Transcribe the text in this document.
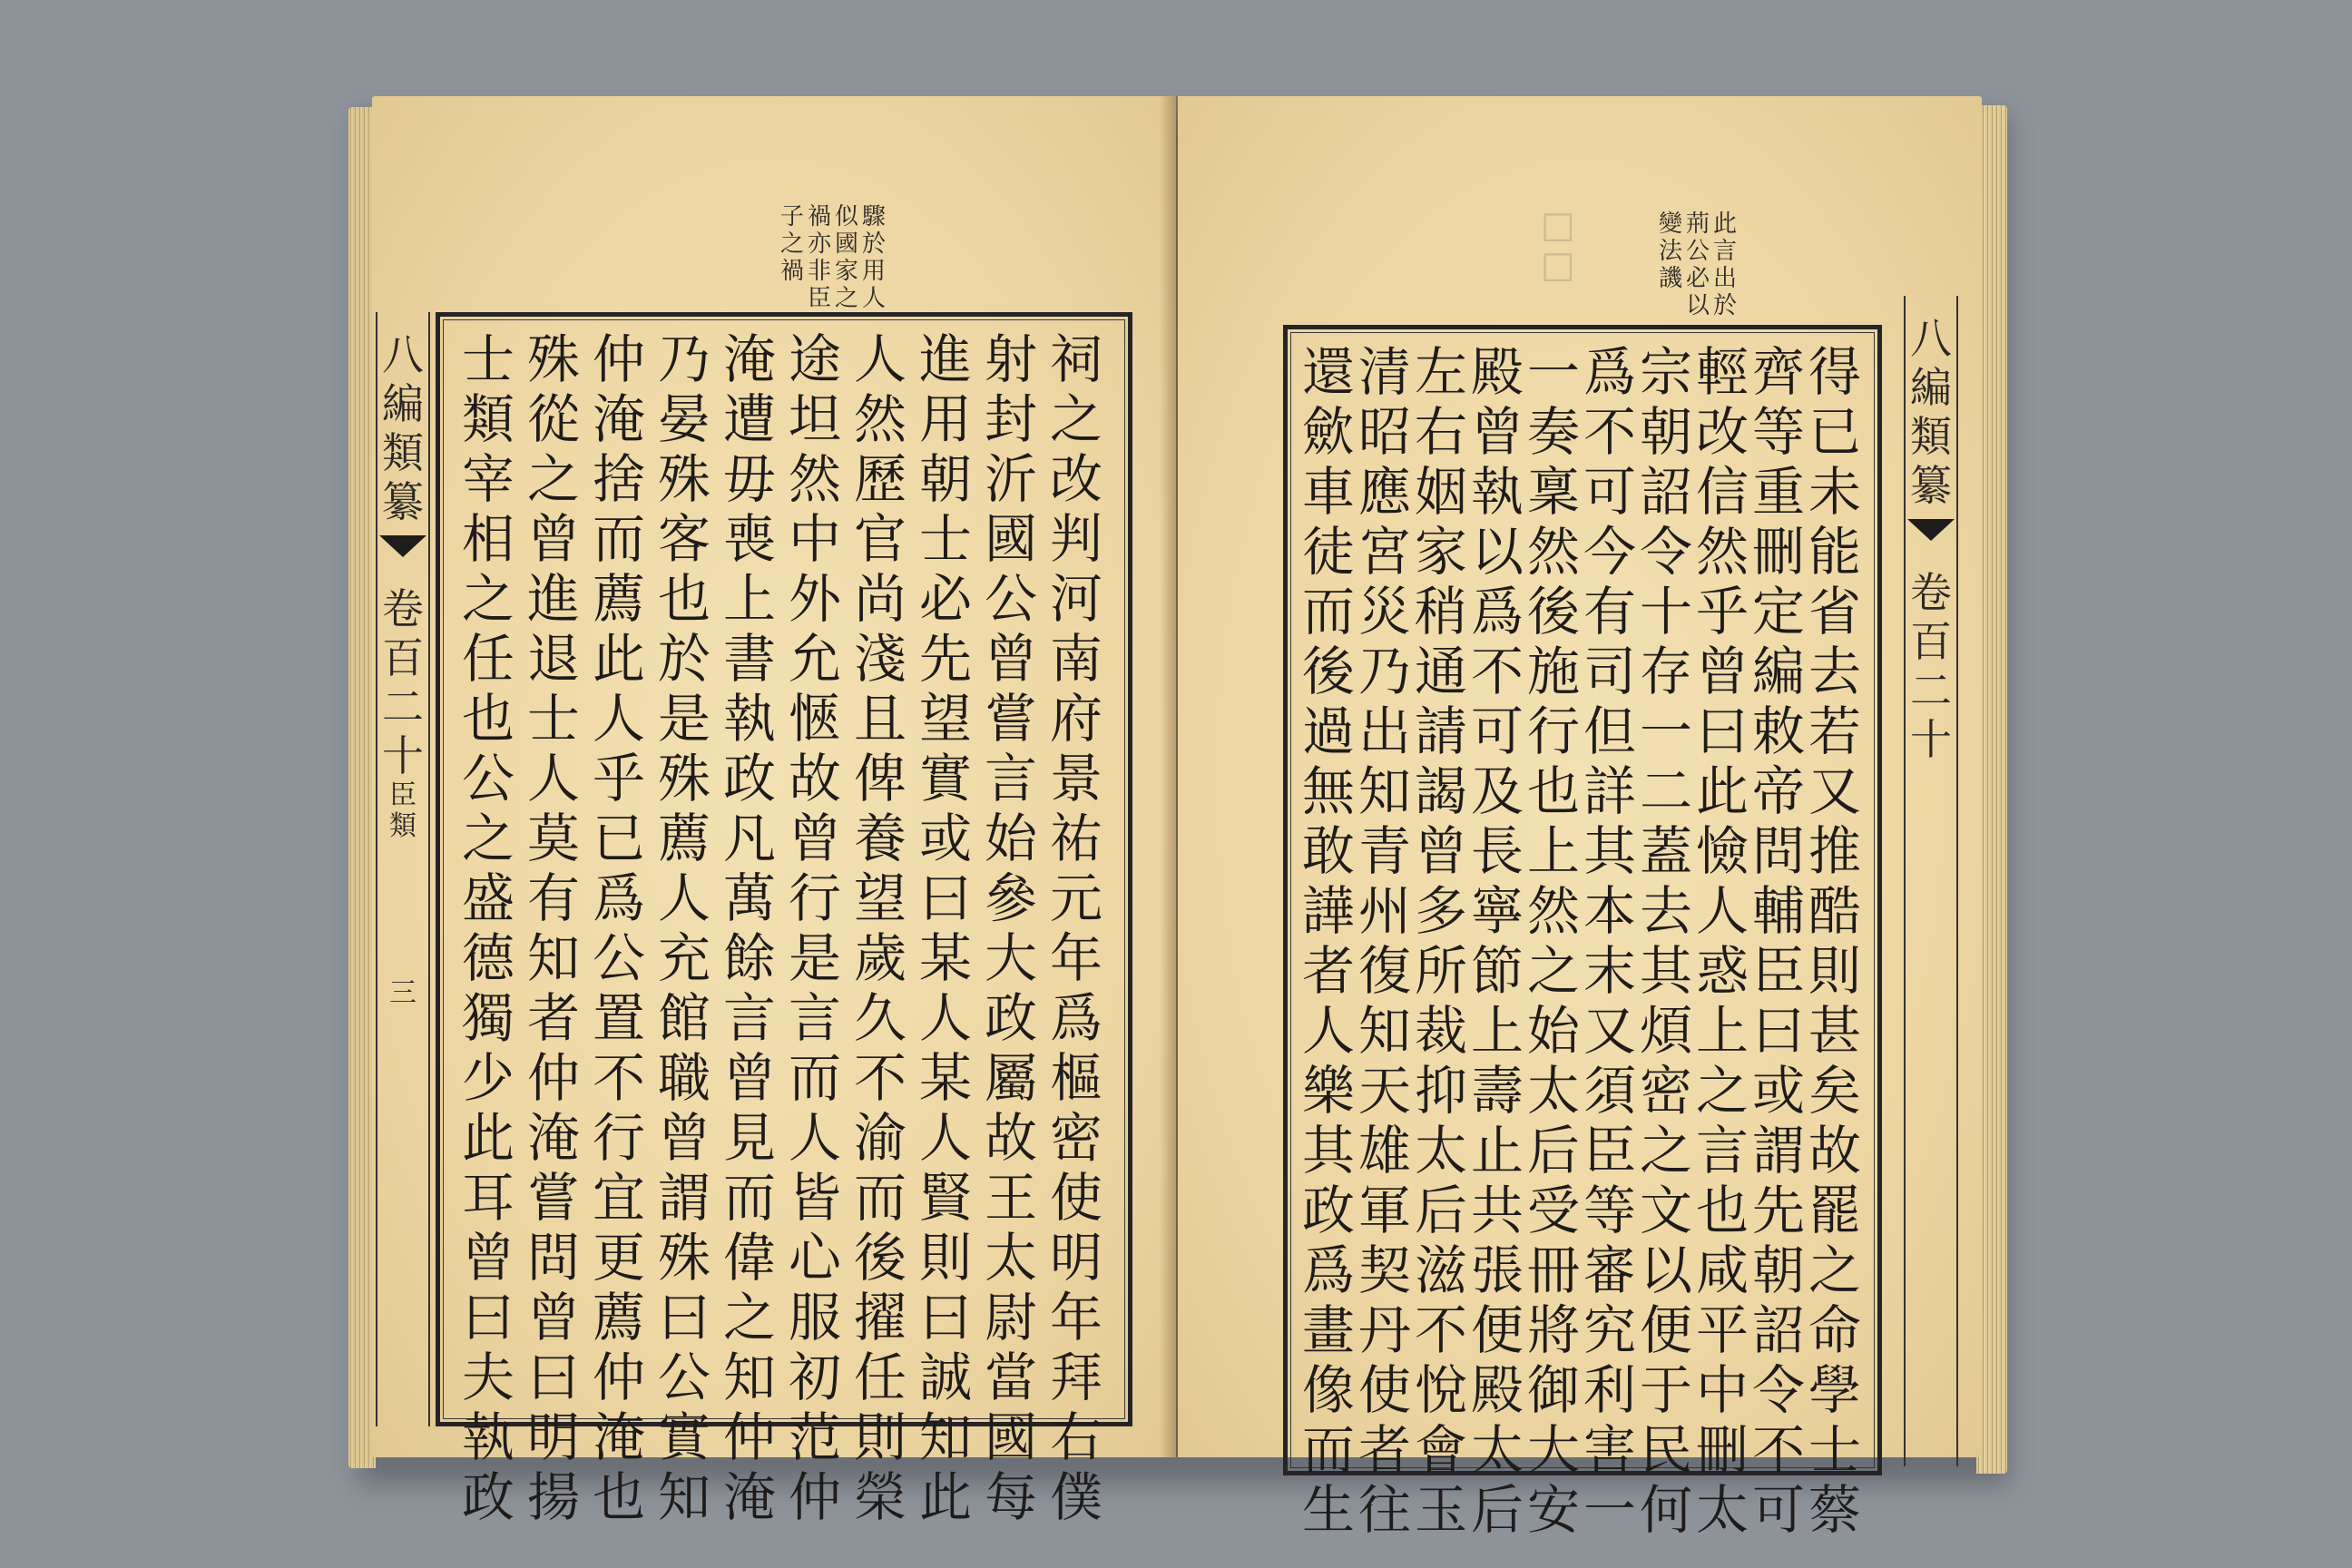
驟
於
用
人
似
國
家
之
禍
亦
非
臣
子
之
禍
祠
之
改
判
河
南
府
景
祐
元
年
爲
樞
密
使
明
年
拜
右
僕
射
封
沂
國
公
曾
嘗
言
始
參
大
政
屬
故
王
太
尉
當
國
每
進
用
朝
士
必
先
望
實
或
曰
某
人
某
人
賢
則
曰
誠
知
此
人
然
歷
官
尚
淺
且
俾
養
望
歲
久
不
渝
而
後
擢
任
則
榮
途
坦
然
中
外
允
愜
故
曾
行
是
言
而
人
皆
心
服
初
范
仲
淹
遭
毋
喪
上
書
執
政
凡
萬
餘
言
曾
見
而
偉
之
知
仲
淹
乃
晏
殊
客
也
於
是
殊
薦
人
充
館
職
曾
謂
殊
曰
公
實
知
仲
淹
捨
而
薦
此
人
乎
已
爲
公
置
不
行
宜
更
薦
仲
淹
也
殊
從
之
曾
進
退
士
人
莫
有
知
者
仲
淹
嘗
問
曾
曰
明
揚
士
類
宰
相
之
任
也
公
之
盛
德
獨
少
此
耳
曾
曰
夫
執
政
八
編
類
纂
卷
百
二
十
臣
類
三
□
□
此
言
出
於
荊
公
必
以
變
法
譏
得
已
未
能
省
去
若
又
推
酷
則
甚
矣
故
罷
之
命
學
士
蔡
齊
等
重
刪
定
編
敕
帝
問
輔
臣
曰
或
謂
先
朝
詔
令
不
可
輕
改
信
然
乎
曾
曰
此
憸
人
惑
上
之
言
也
咸
平
中
刪
太
宗
朝
詔
令
十
存
一
二
蓋
去
其
煩
密
之
文
以
便
于
民
何
爲
不
可
今
有
司
但
詳
其
本
末
又
須
臣
等
審
究
利
害
一
一
奏
稟
然
後
施
行
也
上
然
之
始
太
后
受
冊
將
御
大
安
殿
曾
執
以
爲
不
可
及
長
寧
節
上
壽
止
共
張
便
殿
太
后
左
右
姻
家
稍
通
請
謁
曾
多
所
裁
抑
太
后
滋
不
悅
會
玉
清
昭
應
宮
災
乃
出
知
青
州
復
知
天
雄
軍
契
丹
使
者
往
還
歛
車
徒
而
後
過
無
敢
譁
者
人
樂
其
政
爲
畫
像
而
生
八
編
類
纂
卷
百
二
十
